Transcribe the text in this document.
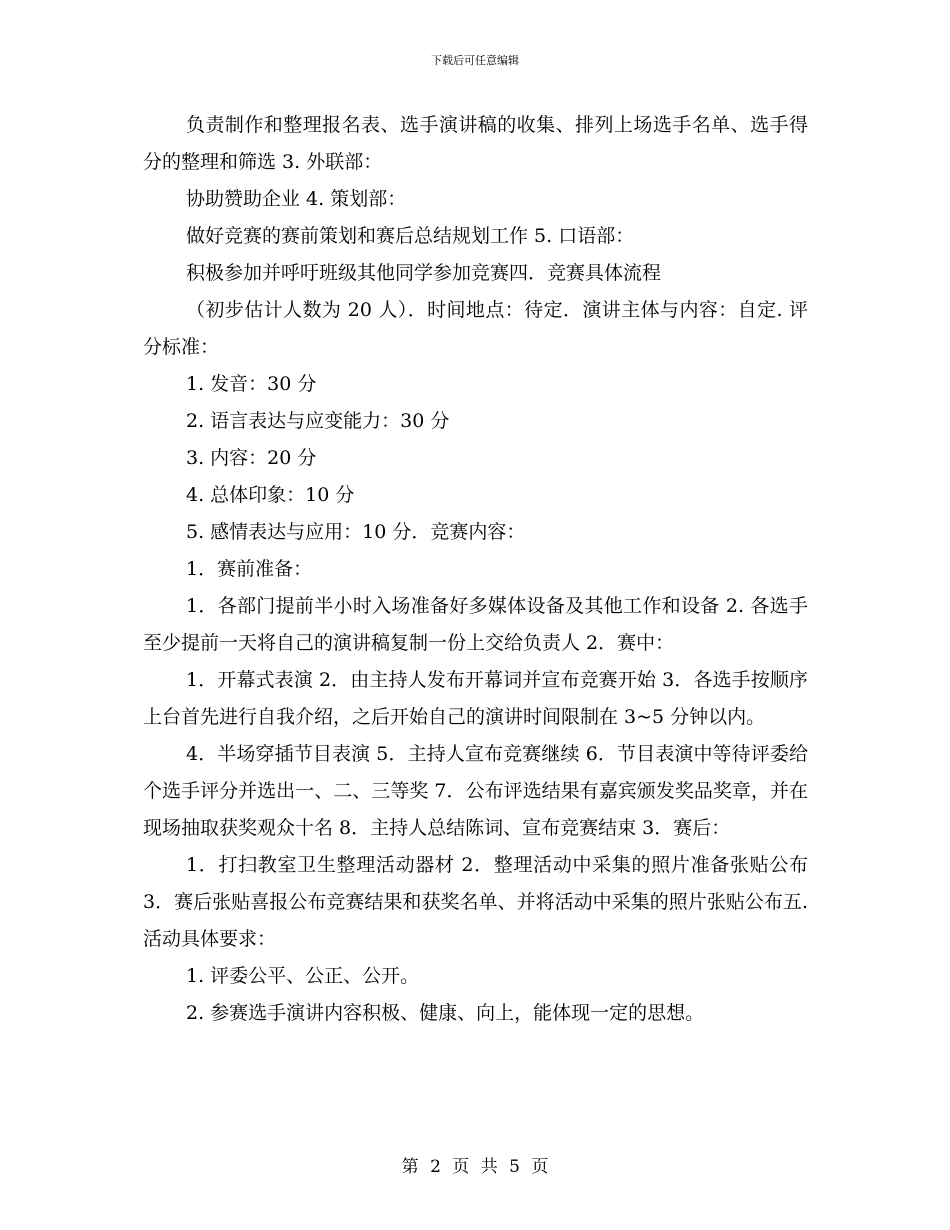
下载后可任意编辑

负责制作和整理报名表、选手演讲稿的收集、排列上场选手名单、选手得分的整理和筛选 3. 外联部：

协助赞助企业 4. 策划部：

做好竞赛的赛前策划和赛后总结规划工作 5. 口语部：

积极参加并呼吁班级其他同学参加竞赛四．竞赛具体流程

（初步估计人数为 20 人）．时间地点：待定．演讲主体与内容：自定. 评分标准：

1. 发音：30 分

2. 语言表达与应变能力：30 分

3. 内容：20 分

4. 总体印象：10 分

5. 感情表达与应用：10 分．竞赛内容：

1．赛前准备：

1．各部门提前半小时入场准备好多媒体设备及其他工作和设备 2. 各选手至少提前一天将自己的演讲稿复制一份上交给负责人 2．赛中：

1．开幕式表演 2．由主持人发布开幕词并宣布竞赛开始 3．各选手按顺序上台首先进行自我介绍，之后开始自己的演讲时间限制在 3~5 分钟以内。

4．半场穿插节目表演 5．主持人宣布竞赛继续 6．节目表演中等待评委给个选手评分并选出一、二、三等奖 7．公布评选结果有嘉宾颁发奖品奖章，并在现场抽取获奖观众十名 8．主持人总结陈词、宣布竞赛结束 3．赛后：

1．打扫教室卫生整理活动器材 2．整理活动中采集的照片准备张贴公布 3．赛后张贴喜报公布竞赛结果和获奖名单、并将活动中采集的照片张贴公布五. 活动具体要求：

1. 评委公平、公正、公开。

2. 参赛选手演讲内容积极、健康、向上，能体现一定的思想。

第 2 页 共 5 页
